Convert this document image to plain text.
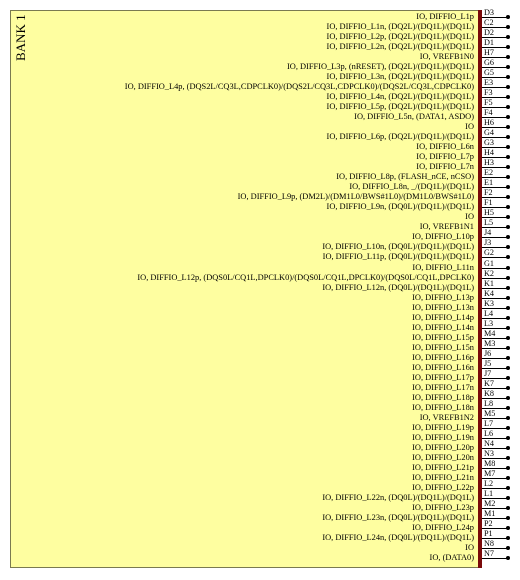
BANK 1	IO, DIFFIO_L1p D3
IO, DIFFIO_L1n, (DQ2L)/(DQ1L)/(DQ1L) C2
IO, DIFFIO_L2p, (DQ2L)/(DQ1L)/(DQ1L) D2
IO, DIFFIO_L2n, (DQ2L)/(DQ1L)/(DQ1L) D1
IO, VREFB1N0 H7
IO, DIFFIO_L3p, (nRESET), (DQ2L)/(DQ1L)/(DQ1L) G6
IO, DIFFIO_L3n, (DQ2L)/(DQ1L)/(DQ1L) G5
IO, DIFFIO_L4p, (DQS2L/CQ3L,CDPCLK0)/(DQS2L/CQ3L,CDPCLK0)/(DQS2L/CQ3L,CDPCLK0) E3
IO, DIFFIO_L4n, (DQ2L)/(DQ1L)/(DQ1L) F3
IO, DIFFIO_L5p, (DQ2L)/(DQ1L)/(DQ1L) F5
IO, DIFFIO_L5n, (DATA1, ASDO) F4
IO H6
IO, DIFFIO_L6p, (DQ2L)/(DQ1L)/(DQ1L) G4
IO, DIFFIO_L6n G3
IO, DIFFIO_L7p H4
IO, DIFFIO_L7n H3
IO, DIFFIO_L8p, (FLASH_nCE, nCSO) E2
IO, DIFFIO_L8n, _/(DQ1L)/(DQ1L) E1
IO, DIFFIO_L9p, (DM2L)/(DM1L0/BWS#1L0)/(DM1L0/BWS#1L0) F2
IO, DIFFIO_L9n, (DQ0L)/(DQ1L)/(DQ1L) F1
IO H5
IO, VREFB1N1 L5
IO, DIFFIO_L10p J4
IO, DIFFIO_L10n, (DQ0L)/(DQ1L)/(DQ1L) J3
IO, DIFFIO_L11p, (DQ0L)/(DQ1L)/(DQ1L) G2
IO, DIFFIO_L11n G1
IO, DIFFIO_L12p, (DQS0L/CQ1L,DPCLK0)/(DQS0L/CQ1L,DPCLK0)/(DQS0L/CQ1L,DPCLK0) K2
IO, DIFFIO_L12n, (DQ0L)/(DQ1L)/(DQ1L) K1
IO, DIFFIO_L13p K4
IO, DIFFIO_L13n K3
IO, DIFFIO_L14p L4
IO, DIFFIO_L14n L3
IO, DIFFIO_L15p M4
IO, DIFFIO_L15n M3
IO, DIFFIO_L16p J6
IO, DIFFIO_L16n J5
IO, DIFFIO_L17p J7
IO, DIFFIO_L17n K7
IO, DIFFIO_L18p K8
IO, DIFFIO_L18n L8
IO, VREFB1N2 M5
IO, DIFFIO_L19p L7
IO, DIFFIO_L19n L6
IO, DIFFIO_L20p N4
IO, DIFFIO_L20n N3
IO, DIFFIO_L21p M8
IO, DIFFIO_L21n M7
IO, DIFFIO_L22p L2
IO, DIFFIO_L22n, (DQ0L)/(DQ1L)/(DQ1L) L1
IO, DIFFIO_L23p M2
IO, DIFFIO_L23n, (DQ0L)/(DQ1L)/(DQ1L) M1
IO, DIFFIO_L24p P2
IO, DIFFIO_L24n, (DQ0L)/(DQ1L)/(DQ1L) P1
IO N8
IO, (DATA0) N7
